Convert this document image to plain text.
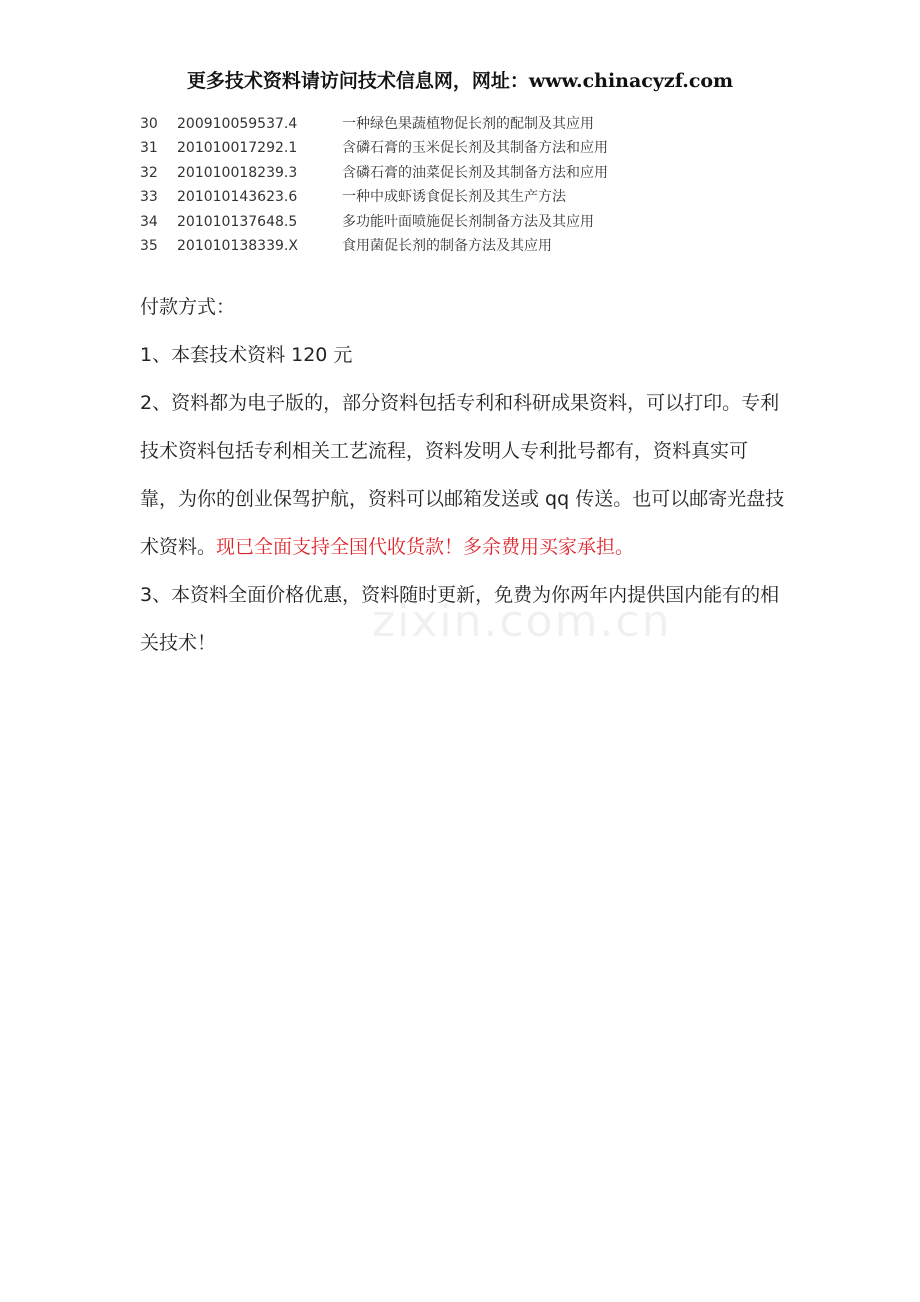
更多技术资料请访问技术信息网，网址：www.chinacyzf.com
30 200910059537.4	一种绿色果蔬植物促长剂的配制及其应用
31 201010017292.1	含磷石膏的玉米促长剂及其制备方法和应用
32 201010018239.3	含磷石膏的油菜促长剂及其制备方法和应用
33 201010143623.6	一种中成虾诱食促长剂及其生产方法
34 201010137648.5	多功能叶面喷施促长剂制备方法及其应用
35 201010138339.X	食用菌促长剂的制备方法及其应用

付款方式：

1、本套技术资料 120 元

2、资料都为电子版的，部分资料包括专利和科研成果资料，可以打印。专利技术资料包括专利相关工艺流程，资料发明人专利批号都有，资料真实可靠，为你的创业保驾护航，资料可以邮箱发送或 qq 传送。也可以邮寄光盘技术资料。现已全面支持全国代收货款！多余费用买家承担。

3、本资料全面价格优惠，资料随时更新，免费为你两年内提供国内能有的相关技术！	zixin.com.cn
